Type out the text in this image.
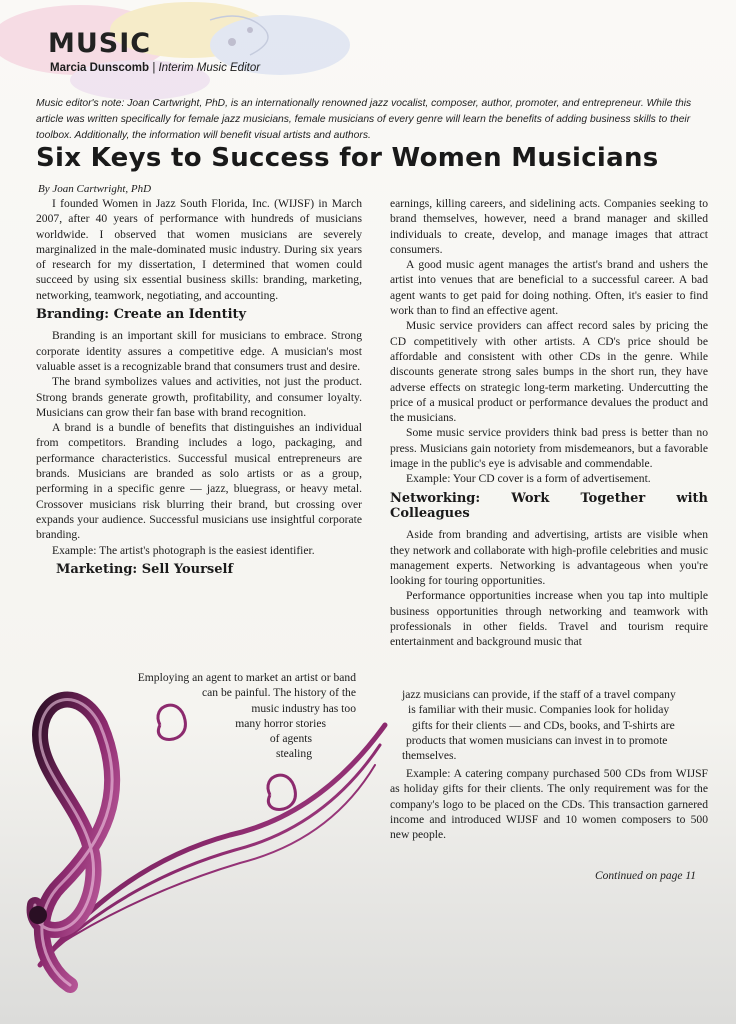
MUSIC
Marcia Dunscomb | Interim Music Editor
Music editor's note: Joan Cartwright, PhD, is an internationally renowned jazz vocalist, composer, author, promoter, and entrepreneur. While this article was written specifically for female jazz musicians, female musicians of every genre will learn the benefits of adding business skills to their toolbox. Additionally, the information will benefit visual artists and authors.
Six Keys to Success for Women Musicians
By Joan Cartwright, PhD

I founded Women in Jazz South Florida, Inc. (WIJSF) in March 2007, after 40 years of performance with hundreds of musicians worldwide. I observed that women musicians are severely marginalized in the male-dominated music industry. During six years of research for my dissertation, I determined that women could succeed by using six essential business skills: branding, marketing, networking, teamwork, negotiating, and accounting.

Branding: Create an Identity

Branding is an important skill for musicians to embrace. Strong corporate identity assures a competitive edge. A musician's most valuable asset is a recognizable brand that consumers trust and desire.

The brand symbolizes values and activities, not just the product. Strong brands generate growth, profitability, and consumer loyalty. Musicians can grow their fan base with brand recognition.

A brand is a bundle of benefits that distinguishes an individual from competitors. Branding includes a logo, packaging, and performance characteristics. Successful musical entrepreneurs are brands. Musicians are branded as solo artists or as a group, performing in a specific genre — jazz, bluegrass, or heavy metal. Crossover musicians risk blurring their brand, but crossing over expands your audience. Successful musicians use insightful corporate branding.

Example: The artist's photograph is the easiest identifier.

Marketing: Sell Yourself
Employing an agent to market an artist or band
can be painful. The history of the
music industry has too
many horror stories
of agents
stealing

earnings, killing careers, and sidelining acts. Companies seeking to brand themselves, however, need a brand manager and skilled individuals to create, develop, and manage images that attract consumers.

A good music agent manages the artist's brand and ushers the artist into venues that are beneficial to a successful career. A bad agent wants to get paid for doing nothing. Often, it's easier to find work than to find an effective agent.

Music service providers can affect record sales by pricing the CD competitively with other artists. A CD's price should be affordable and consistent with other CDs in the genre. While discounts generate strong sales bumps in the short run, they have adverse effects on strategic long-term marketing. Undercutting the price of a musical product or performance devalues the product and the musicians.

Some music service providers think bad press is better than no press. Musicians gain notoriety from misdemeanors, but a favorable image in the public's eye is advisable and commendable.

Example: Your CD cover is a form of advertisement.

Networking: Work Together with Colleagues

Aside from branding and advertising, artists are visible when they network and collaborate with high-profile celebrities and music management experts. Networking is advantageous when you're looking for touring opportunities.

Performance opportunities increase when you tap into multiple business opportunities through networking and teamwork with professionals in other fields. Travel and tourism require entertainment and background music that

jazz musicians can provide, if the staff of a travel company
is familiar with their music. Companies look for holiday
gifts for their clients — and CDs, books, and T-shirts are
products that women musicians can invest in to promote
themselves.

Example: A catering company purchased 500 CDs from WIJSF as holiday gifts for their clients. The only requirement was for the company's logo to be placed on the CDs. This transaction garnered income and introduced WIJSF and 10 women composers to 500 new people.

Continued on page 11
